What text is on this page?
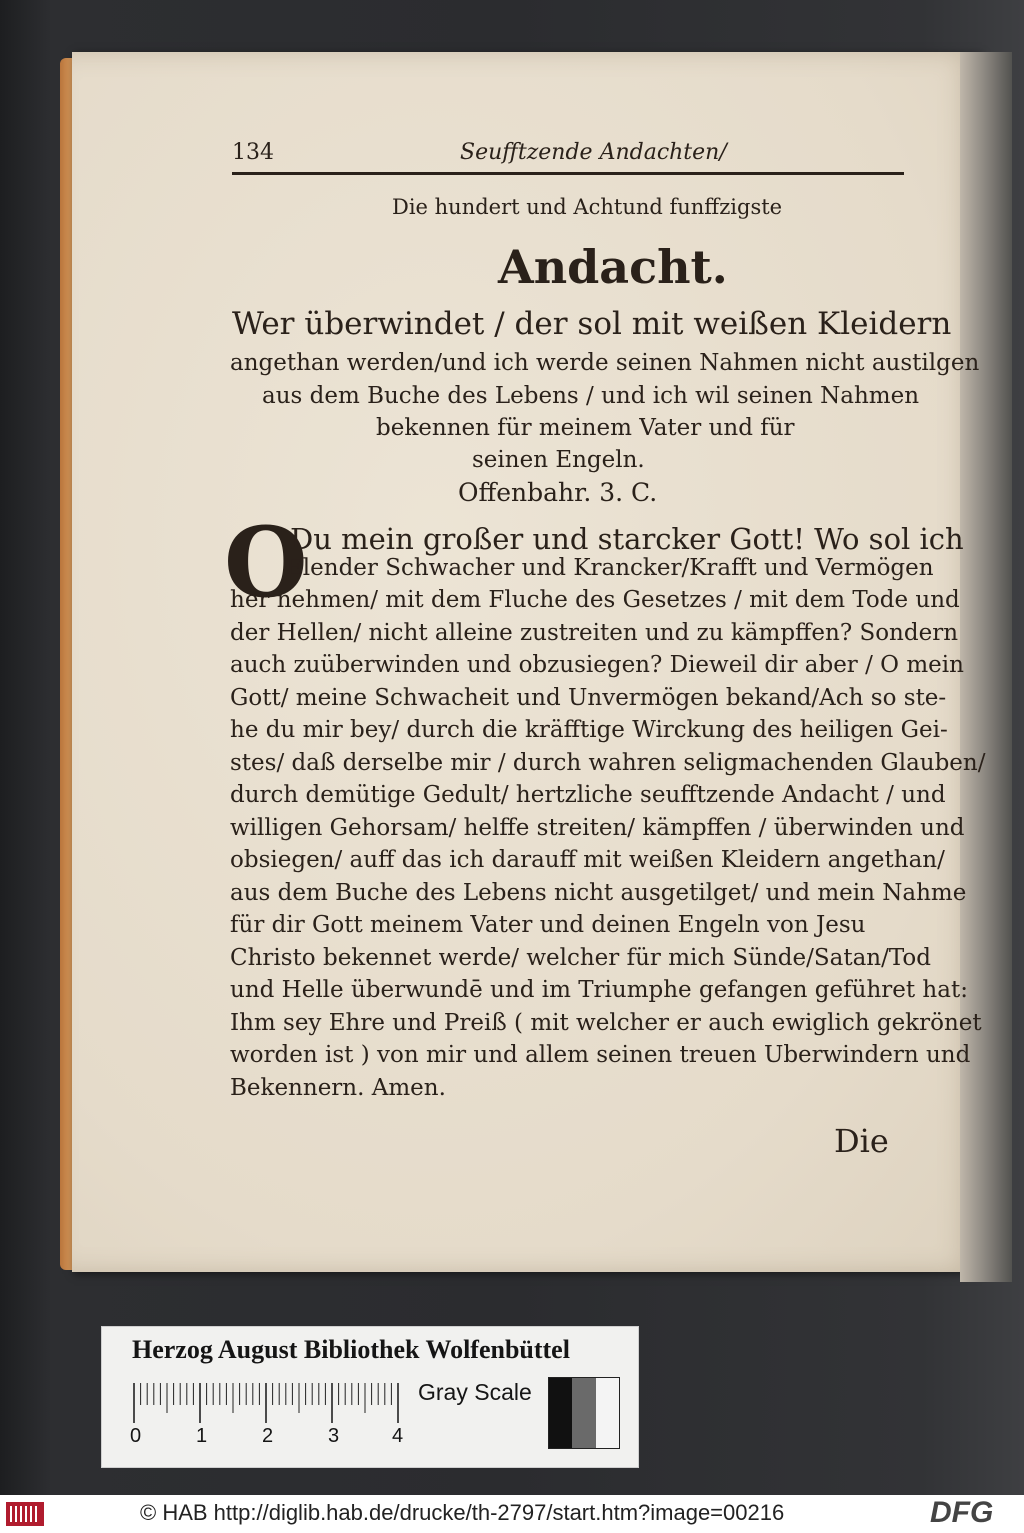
134	Seufftzende Andachten/
Die hundert und Achtund funffzigste
Andacht.
Wer überwindet / der sol mit weißen Kleidern
angethan werden/und ich werde seinen Nahmen nicht austilgen
aus dem Buche des Lebens / und ich wil seinen Nahmen
bekennen für meinem Vater und für
seinen Engeln.
Offenbahr. 3. C.
O
Du mein großer und starcker Gott! Wo sol ich
Elender Schwacher und Krancker/Krafft und Vermögen
her nehmen/ mit dem Fluche des Gesetzes / mit dem Tode und
der Hellen/ nicht alleine zustreiten und zu kämpffen? Sondern
auch zuüberwinden und obzusiegen? Dieweil dir aber / O mein
Gott/ meine Schwacheit und Unvermögen bekand/Ach so ste-
he du mir bey/ durch die kräfftige Wirckung des heiligen Gei-
stes/ daß derselbe mir / durch wahren seligmachenden Glauben/
durch demütige Gedult/ hertzliche seufftzende Andacht / und
willigen Gehorsam/ helffe streiten/ kämpffen / überwinden und
obsiegen/ auff das ich darauff mit weißen Kleidern angethan/
aus dem Buche des Lebens nicht ausgetilget/ und mein Nahme
für dir Gott meinem Vater und deinen Engeln von Jesu
Christo bekennet werde/ welcher für mich Sünde/Satan/Tod
und Helle überwundē und im Triumphe gefangen geführet hat:
Ihm sey Ehre und Preiß ( mit welcher er auch ewiglich gekrönet
worden ist ) von mir und allem seinen treuen Uberwindern und
Bekennern. Amen.
Die
Herzog August Bibliothek Wolfenbüttel
0	1	2	3	4
Gray Scale
© HAB http://diglib.hab.de/drucke/th-2797/start.htm?image=00216	DFG
